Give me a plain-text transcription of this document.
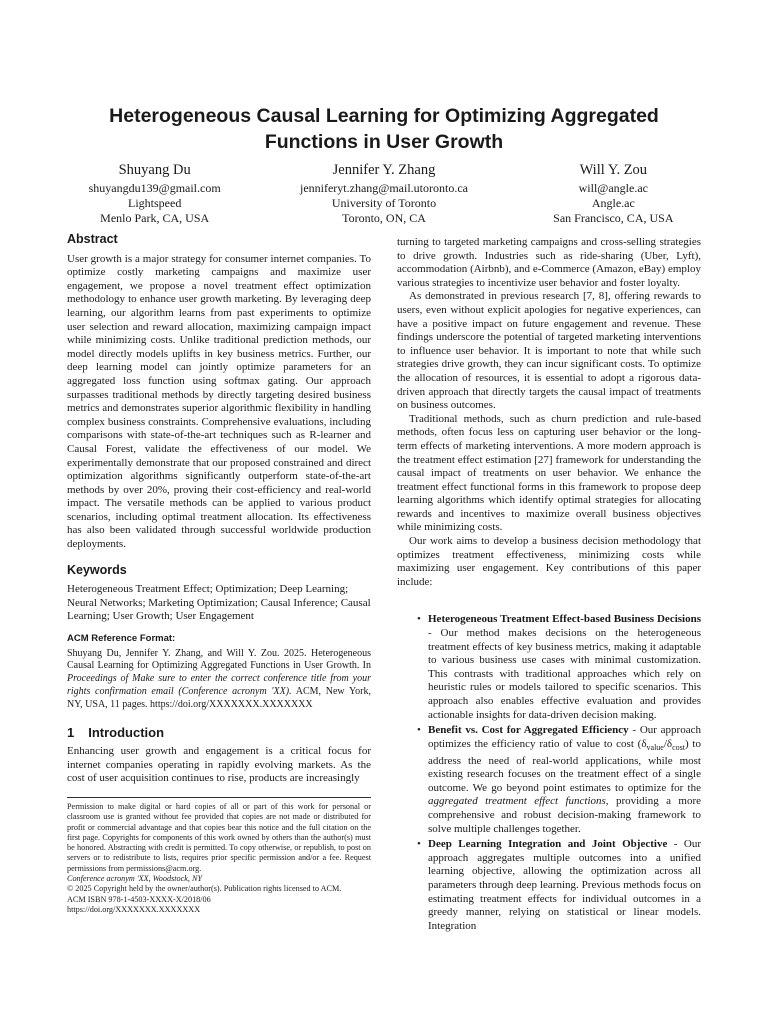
Heterogeneous Causal Learning for Optimizing Aggregated Functions in User Growth
Shuyang Du
shuyangdu139@gmail.com
Lightspeed
Menlo Park, CA, USA
Jennifer Y. Zhang
jenniferyt.zhang@mail.utoronto.ca
University of Toronto
Toronto, ON, CA
Will Y. Zou
will@angle.ac
Angle.ac
San Francisco, CA, USA
Abstract

User growth is a major strategy for consumer internet companies. To optimize costly marketing campaigns and maximize user engagement, we propose a novel treatment effect optimization methodology to enhance user growth marketing. By leveraging deep learning, our algorithm learns from past experiments to optimize user selection and reward allocation, maximizing campaign impact while minimizing costs. Unlike traditional prediction methods, our model directly models uplifts in key business metrics. Further, our deep learning model can jointly optimize parameters for an aggregated loss function using softmax gating. Our approach surpasses traditional methods by directly targeting desired business metrics and demonstrates superior algorithmic flexibility in handling complex business constraints. Comprehensive evaluations, including comparisons with state-of-the-art techniques such as R-learner and Causal Forest, validate the effectiveness of our model. We experimentally demonstrate that our proposed constrained and direct optimization algorithms significantly outperform state-of-the-art methods by over 20%, proving their cost-efficiency and real-world impact. The versatile methods can be applied to various product scenarios, including optimal treatment allocation. Its effectiveness has also been validated through successful worldwide production deployments.

Keywords

Heterogeneous Treatment Effect; Optimization; Deep Learning; Neural Networks; Marketing Optimization; Causal Inference; Causal Learning; User Growth; User Engagement

ACM Reference Format:

Shuyang Du, Jennifer Y. Zhang, and Will Y. Zou. 2025. Heterogeneous Causal Learning for Optimizing Aggregated Functions in User Growth. In Proceedings of Make sure to enter the correct conference title from your rights confirmation email (Conference acronym 'XX). ACM, New York, NY, USA, 11 pages. https://doi.org/XXXXXXX.XXXXXXX

1 Introduction

Enhancing user growth and engagement is a critical focus for internet companies operating in rapidly evolving markets. As the cost of user acquisition continues to rise, products are increasingly

Permission to make digital or hard copies of all or part of this work for personal or classroom use is granted without fee provided that copies are not made or distributed for profit or commercial advantage and that copies bear this notice and the full citation on the first page. Copyrights for components of this work owned by others than the author(s) must be honored. Abstracting with credit is permitted. To copy otherwise, or republish, to post on servers or to redistribute to lists, requires prior specific permission and/or a fee. Request permissions from permissions@acm.org.

Conference acronym 'XX, Woodstock, NY

© 2025 Copyright held by the owner/author(s). Publication rights licensed to ACM.

ACM ISBN 978-1-4503-XXXX-X/2018/06

https://doi.org/XXXXXXX.XXXXXXX

turning to targeted marketing campaigns and cross-selling strategies to drive growth. Industries such as ride-sharing (Uber, Lyft), accommodation (Airbnb), and e-Commerce (Amazon, eBay) employ various strategies to incentivize user behavior and foster loyalty.

As demonstrated in previous research [7, 8], offering rewards to users, even without explicit apologies for negative experiences, can have a positive impact on future engagement and revenue. These findings underscore the potential of targeted marketing interventions to influence user behavior. It is important to note that while such strategies drive growth, they can incur significant costs. To optimize the allocation of resources, it is essential to adopt a rigorous data-driven approach that directly targets the causal impact of treatments on business outcomes.

Traditional methods, such as churn prediction and rule-based methods, often focus less on capturing user behavior or the long-term effects of marketing interventions. A more modern approach is the treatment effect estimation [27] framework for understanding the causal impact of treatments on user behavior. We enhance the treatment effect functional forms in this framework to propose deep learning algorithms which identify optimal strategies for allocating rewards and incentives to maximize overall business objectives while minimizing costs.

Our work aims to develop a business decision methodology that optimizes treatment effectiveness, minimizing costs while maximizing user engagement. Key contributions of this paper include:

• Heterogeneous Treatment Effect-based Business Decisions - Our method makes decisions on the heterogeneous treatment effects of key business metrics, making it adaptable to various business use cases with minimal customization. This contrasts with traditional approaches which rely on heuristic rules or models tailored to specific scenarios. This approach also enables effective evaluation and provides actionable insights for data-driven decision making.
• Benefit vs. Cost for Aggregated Efficiency - Our approach optimizes the efficiency ratio of value to cost $(\delta_{value}/\delta_{cost})$ to address the need of real-world applications, while most existing research focuses on the treatment effect of a single outcome. We go beyond point estimates to optimize for the aggregated treatment effect functions, providing a more comprehensive and robust decision-making framework to solve multiple challenges together.
• Deep Learning Integration and Joint Objective - Our approach aggregates multiple outcomes into a unified learning objective, allowing the optimization across all parameters through deep learning. Previous methods focus on estimating treatment effects for individual outcomes in a greedy manner, relying on statistical or linear models. Integration
